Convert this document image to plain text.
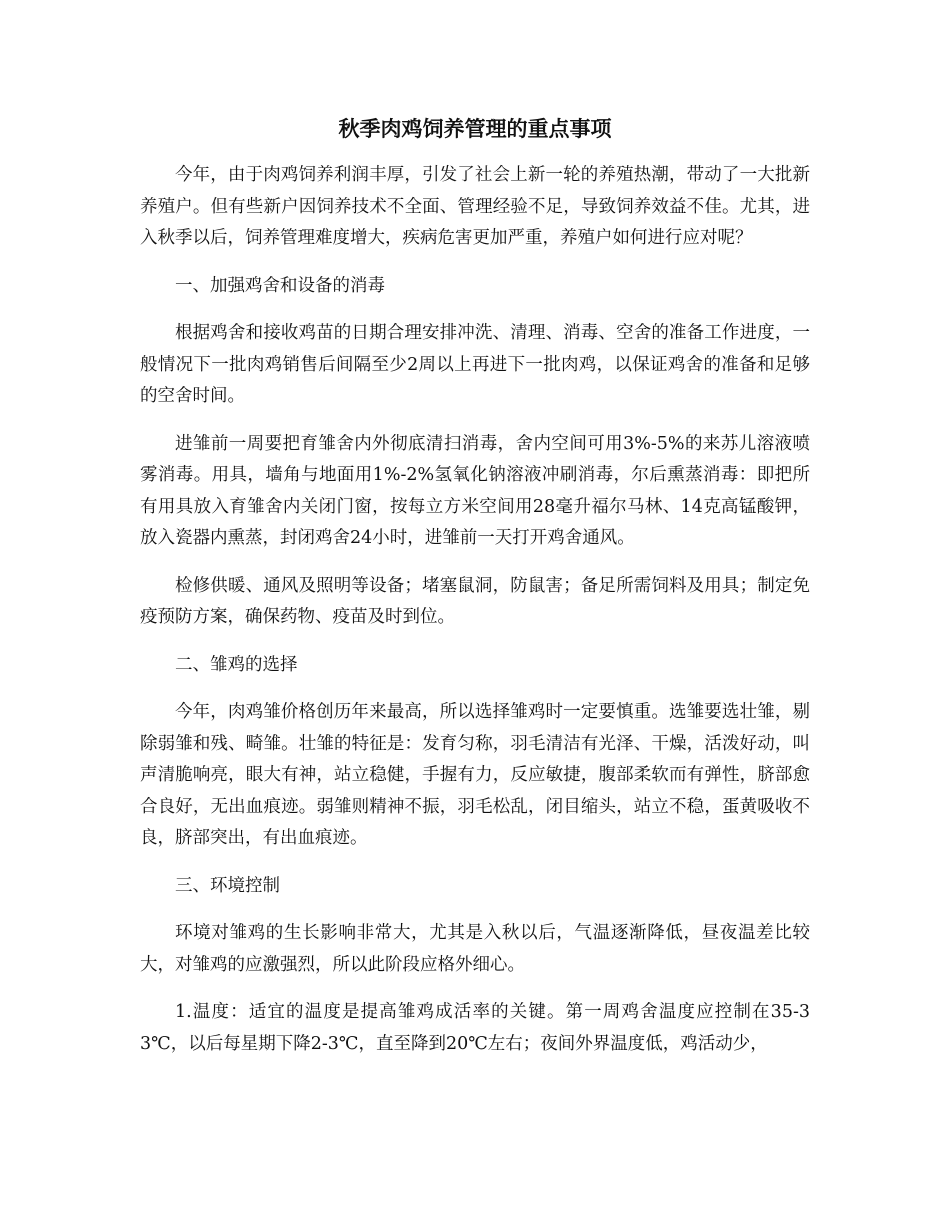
秋季肉鸡饲养管理的重点事项

今年，由于肉鸡饲养利润丰厚，引发了社会上新一轮的养殖热潮，带动了一大批新养殖户。但有些新户因饲养技术不全面、管理经验不足，导致饲养效益不佳。尤其，进入秋季以后，饲养管理难度增大，疾病危害更加严重，养殖户如何进行应对呢？

一、加强鸡舍和设备的消毒

根据鸡舍和接收鸡苗的日期合理安排冲洗、清理、消毒、空舍的准备工作进度，一般情况下一批肉鸡销售后间隔至少2周以上再进下一批肉鸡，以保证鸡舍的准备和足够的空舍时间。

进雏前一周要把育雏舍内外彻底清扫消毒，舍内空间可用3%-5%的来苏儿溶液喷雾消毒。用具，墙角与地面用1%-2%氢氧化钠溶液冲刷消毒，尔后熏蒸消毒：即把所有用具放入育雏舍内关闭门窗，按每立方米空间用28毫升福尔马林、14克高锰酸钾，放入瓷器内熏蒸，封闭鸡舍24小时，进雏前一天打开鸡舍通风。

检修供暖、通风及照明等设备；堵塞鼠洞，防鼠害；备足所需饲料及用具；制定免疫预防方案，确保药物、疫苗及时到位。

二、雏鸡的选择

今年，肉鸡雏价格创历年来最高，所以选择雏鸡时一定要慎重。选雏要选壮雏，剔除弱雏和残、畸雏。壮雏的特征是：发育匀称，羽毛清洁有光泽、干燥，活泼好动，叫声清脆响亮，眼大有神，站立稳健，手握有力，反应敏捷，腹部柔软而有弹性，脐部愈合良好，无出血痕迹。弱雏则精神不振，羽毛松乱，闭目缩头，站立不稳，蛋黄吸收不良，脐部突出，有出血痕迹。

三、环境控制

环境对雏鸡的生长影响非常大，尤其是入秋以后，气温逐渐降低，昼夜温差比较大，对雏鸡的应激强烈，所以此阶段应格外细心。

1.温度：适宜的温度是提高雏鸡成活率的关键。第一周鸡舍温度应控制在35-33℃，以后每星期下降2-3℃，直至降到20℃左右；夜间外界温度低，鸡活动少，
